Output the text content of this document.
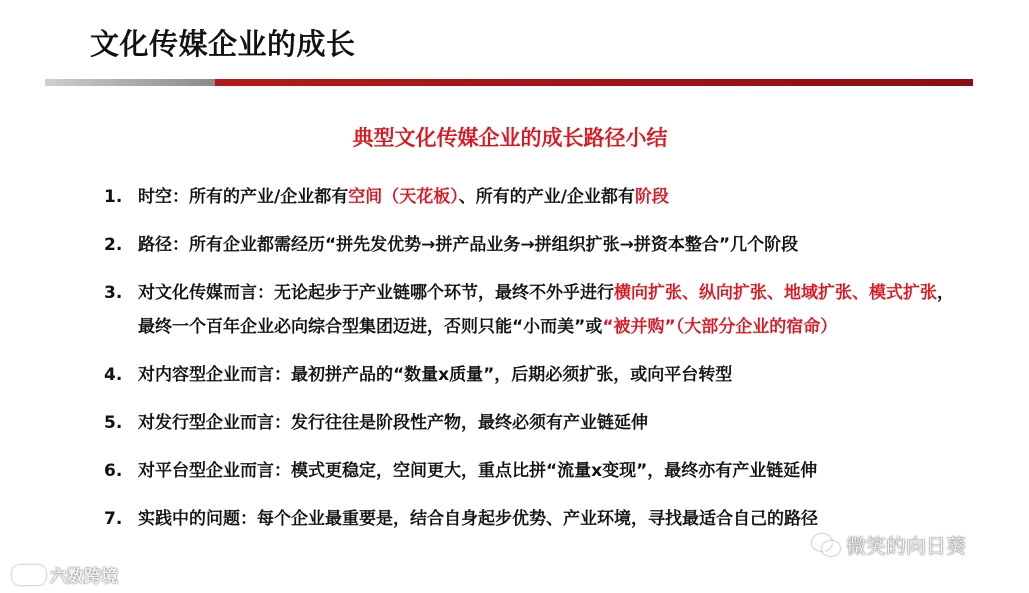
文化传媒企业的成长
典型文化传媒企业的成长路径小结
1. 时空：所有的产业/企业都有空间（天花板）、所有的产业/企业都有阶段
2. 路径：所有企业都需经历“拼先发优势→拼产品业务→拼组织扩张→拼资本整合”几个阶段
3. 对文化传媒而言：无论起步于产业链哪个环节，最终不外乎进行横向扩张、纵向扩张、地域扩张、模式扩张，最终一个百年企业必向综合型集团迈进，否则只能“小而美”或“被并购”（大部分企业的宿命）
4. 对内容型企业而言：最初拼产品的“数量x质量”，后期必须扩张，或向平台转型
5. 对发行型企业而言：发行往往是阶段性产物，最终必须有产业链延伸
6. 对平台型企业而言：模式更稳定，空间更大，重点比拼“流量x变现”，最终亦有产业链延伸
7. 实践中的问题：每个企业最重要是，结合自身起步优势、产业环境，寻找最适合自己的路径
六数跨境
微笑的向日葵
